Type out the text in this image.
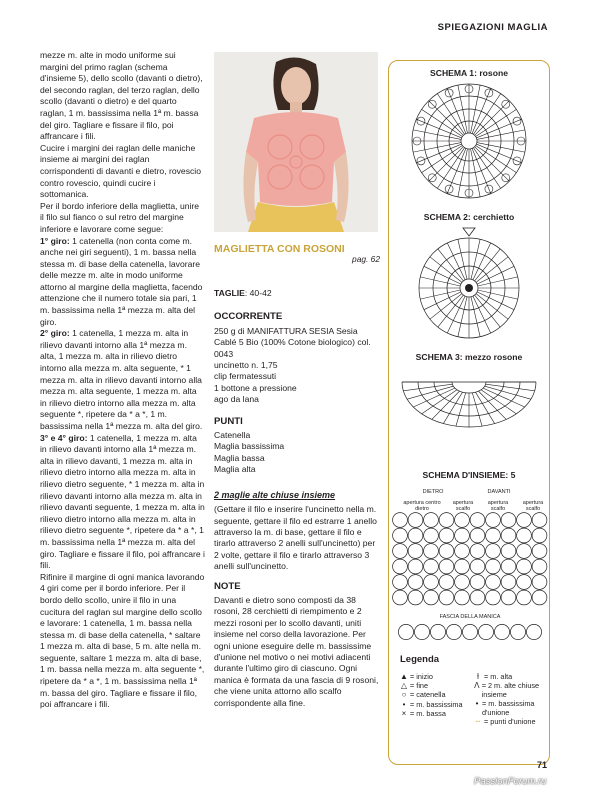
SPIEGAZIONI MAGLIA

mezze m. alte in modo uniforme sui margini del primo raglan (schema d'insieme 5), dello scollo (davanti o dietro), del secondo raglan, del terzo raglan, dello scollo (davanti o dietro) e del quarto raglan, 1 m. bassissima nella 1ª m. bassa del giro. Tagliare e fissare il filo, poi affrancare i fili.

Cucire i margini dei raglan delle maniche insieme ai margini dei raglan corrispondenti di davanti e dietro, rovescio contro rovescio, quindi cucire i sottomanica.

Per il bordo inferiore della maglietta, unire il filo sul fianco o sul retro del margine inferiore e lavorare come segue:

1° giro: 1 catenella (non conta come m. anche nei giri seguenti), 1 m. bassa nella stessa m. di base della catenella, lavorare delle mezze m. alte in modo uniforme attorno al margine della maglietta, facendo attenzione che il numero totale sia pari, 1 m. bassissima nella 1ª mezza m. alta del giro.

2° giro: 1 catenella, 1 mezza m. alta in rilievo davanti intorno alla 1ª mezza m. alta, 1 mezza m. alta in rilievo dietro intorno alla mezza m. alta seguente, * 1 mezza m. alta in rilievo davanti intorno alla mezza m. alta seguente, 1 mezza m. alta in rilievo dietro intorno alla mezza m. alta seguente *, ripetere da * a *, 1 m. bassissima nella 1ª mezza m. alta del giro.

3° e 4° giro: 1 catenella, 1 mezza m. alta in rilievo davanti intorno alla 1ª mezza m. alta in rilievo davanti, 1 mezza m. alta in rilievo dietro intorno alla mezza m. alta in rilievo dietro seguente, * 1 mezza m. alta in rilievo davanti intorno alla mezza m. alta in rilievo davanti seguente, 1 mezza m. alta in rilievo dietro intorno alla mezza m. alta in rilievo dietro seguente *, ripetere da * a *, 1 m. bassissima nella 1ª mezza m. alta del giro. Tagliare e fissare il filo, poi affrancare i fili.

Rifinire il margine di ogni manica lavorando 4 giri come per il bordo inferiore. Per il bordo dello scollo, unire il filo in una cucitura del raglan sul margine dello scollo e lavorare: 1 catenella, 1 m. bassa nella stessa m. di base della catenella, * saltare 1 mezza m. alta di base, 5 m. alte nella m. seguente, saltare 1 mezza m. alta di base, 1 m. bassa nella mezza m. alta seguente *, ripetere da * a *, 1 m. bassissima nella 1ª m. bassa del giro. Tagliare e fissare il filo, poi affrancare i fili.

MAGLIETTA CON ROSONI
pag. 62
TAGLIE: 40-42
OCCORRENTE
250 g di MANIFATTURA SESIA Sesia Cablé 5 Bio (100% Cotone biologico) col. 0043
uncinetto n. 1,75
clip fermatessuti
1 bottone a pressione
ago da lana
PUNTI
Catenella
Maglia bassissima
Maglia bassa
Maglia alta
2 maglie alte chiuse insieme
(Gettare il filo e inserire l'uncinetto nella m. seguente, gettare il filo ed estrarre 1 anello attraverso la m. di base, gettare il filo e tirarlo attraverso 2 anelli sull'uncinetto) per 2 volte, gettare il filo e tirarlo attraverso 3 anelli sull'uncinetto.
NOTE
Davanti e dietro sono composti da 38 rosoni, 28 cerchietti di riempimento e 2 mezzi rosoni per lo scollo davanti, uniti insieme nel corso della lavorazione. Per ogni unione eseguire delle m. bassissime d'unione nel motivo o nei motivi adiacenti durante l'ultimo giro di ciascuno. Ogni manica è formata da una fascia di 9 rosoni, che viene unita attorno allo scalfo corrispondente alla fine.
SCHEMA 1: rosone
SCHEMA 2: cerchietto
SCHEMA 3: mezzo rosone
SCHEMA D'INSIEME: 5
DIETRO	DAVANTI
apertura centro dietro
apertura scalfo
apertura scalfo
apertura scalfo
FASCIA DELLA MANICA
Legenda
▲ = inizio
△ = fine
○ = catenella
• = m. bassissima
× = m. bassa
ƚ = m. alta
Λ = 2 m. alte chiuse insieme
• = m. bassissima d'unione
┄ = punti d'unione
71
PassionForum.ru
